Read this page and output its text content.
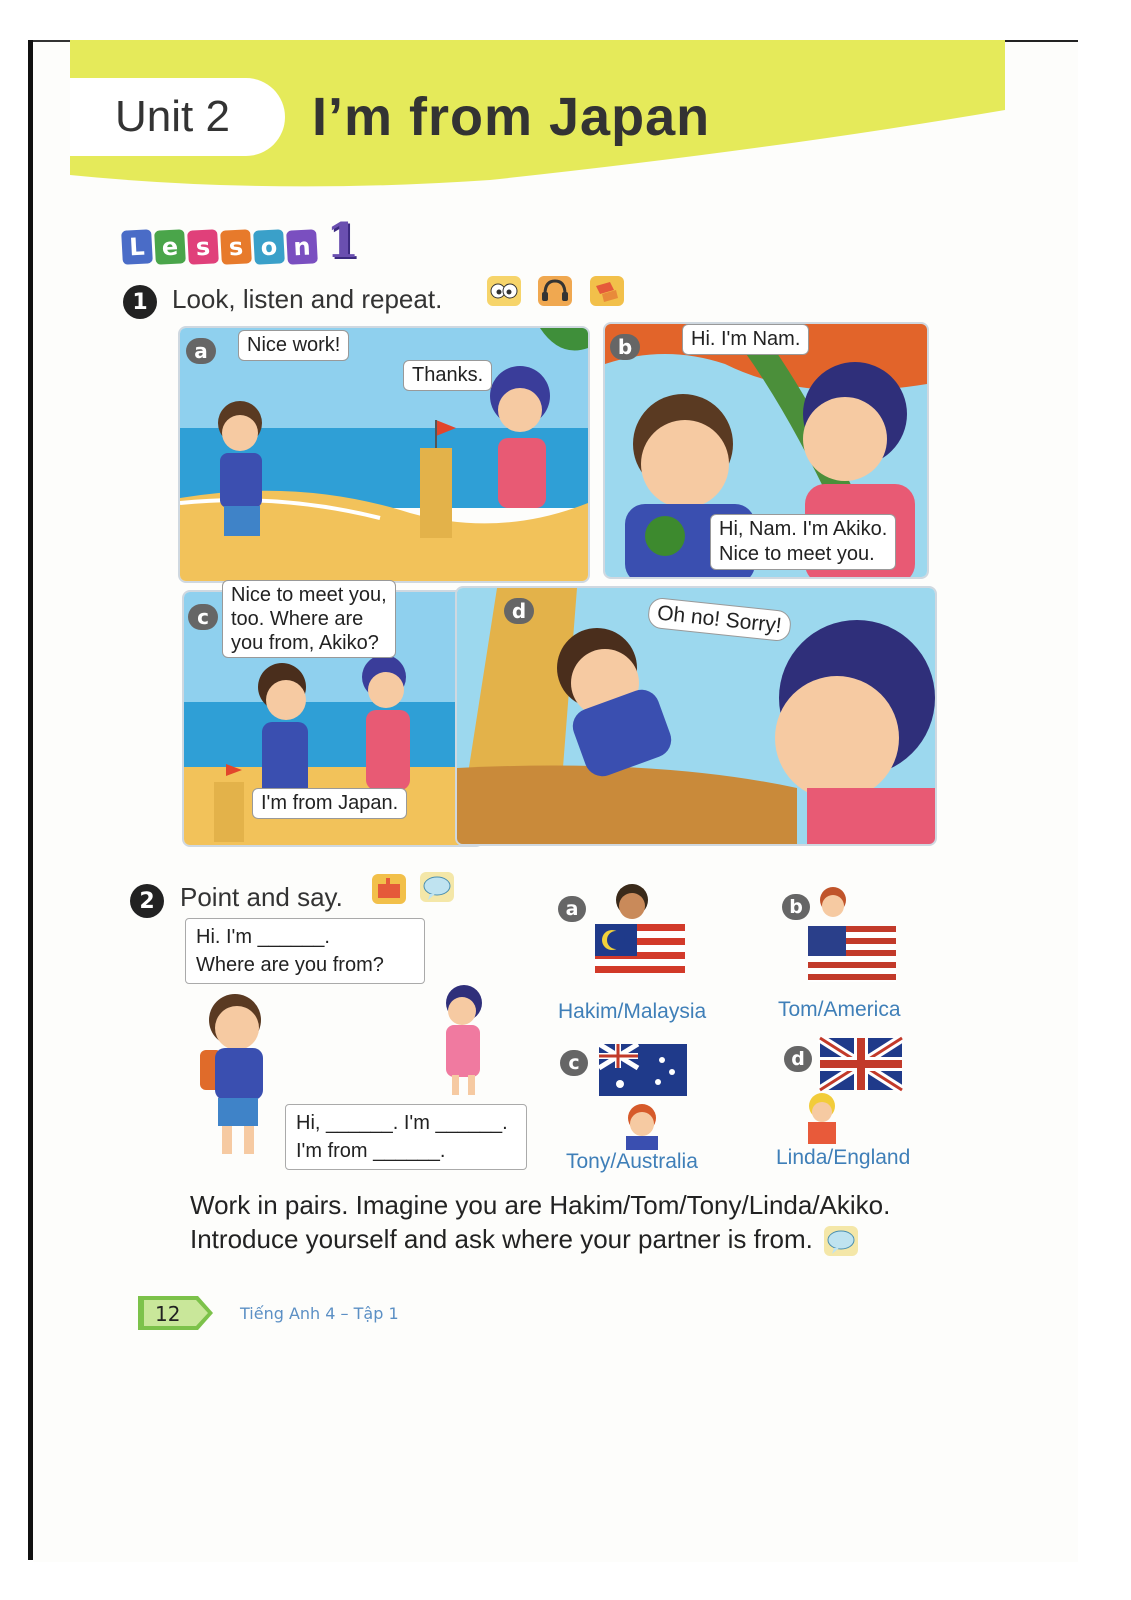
Unit 2 I’m from Japan
L e s s o n 1
1 Look, listen and repeat.
a	Nice work!
Thanks.
b	Hi. I'm Nam.
Hi, Nam. I'm Akiko.
Nice to meet you.
c
Nice to meet you,
too. Where are
you from, Akiko?
I'm from Japan.
d	Oh no! Sorry!
2 Point and say.
Hi. I'm ______.
Where are you from?
Hi, ______. I'm ______.
I'm from ______.
a
Hakim/Malaysia
b
Tom/America
c
Tony/Australia
d
Linda/England
Work in pairs. Imagine you are Hakim/Tom/Tony/Linda/Akiko.
Introduce yourself and ask where your partner is from.
12	Tiếng Anh 4 – Tập 1
